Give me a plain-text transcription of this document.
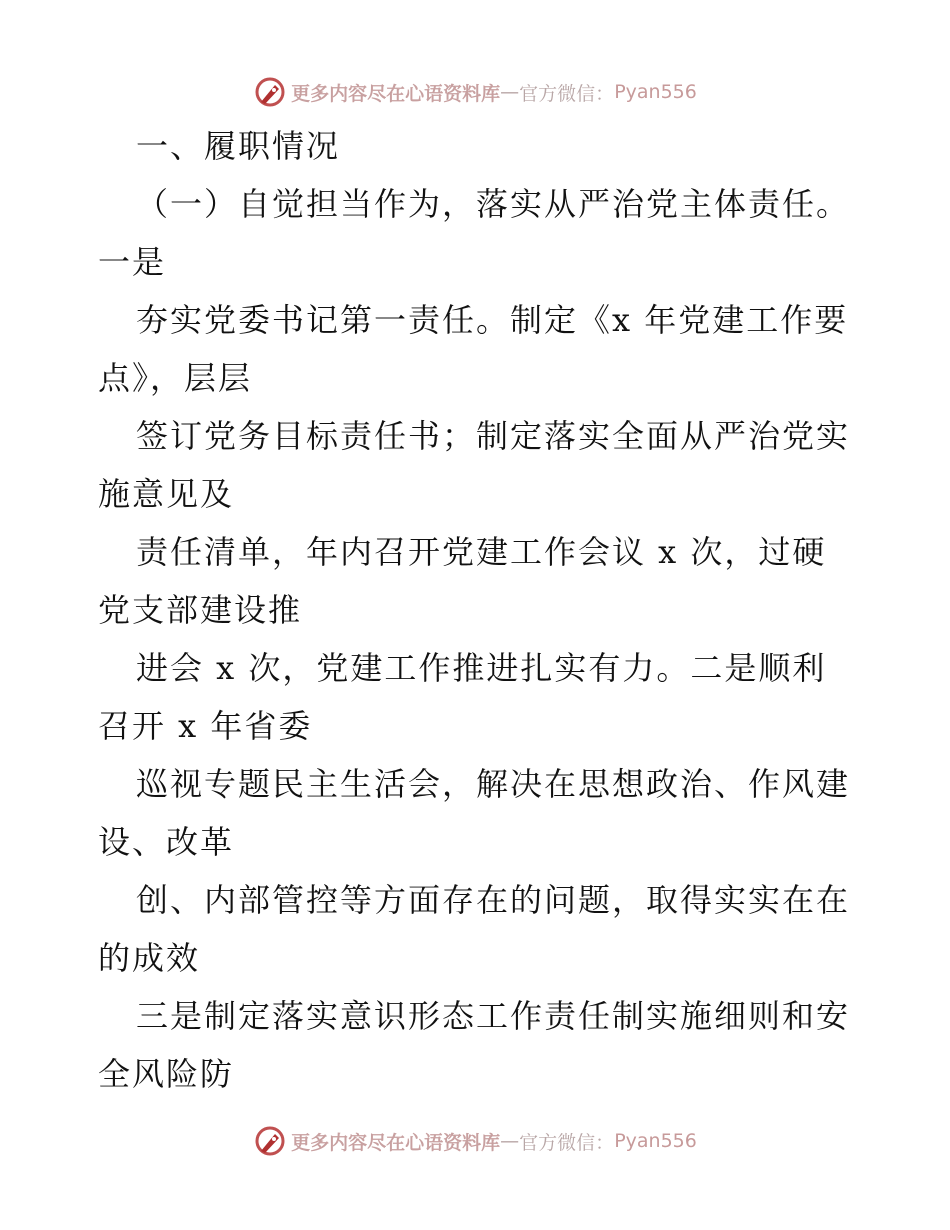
更多内容尽在心语资料库 — 官方微信： Pyan556
一、履职情况
（一）自觉担当作为，落实从严治党主体责任。
一是
夯实党委书记第一责任。制定《x 年党建工作要
点》，层层
签订党务目标责任书；制定落实全面从严治党实
施意见及
责任清单，年内召开党建工作会议 x 次，过硬
党支部建设推
进会 x 次，党建工作推进扎实有力。二是顺利
召开 x 年省委
巡视专题民主生活会，解决在思想政治、作风建
设、改革
创、内部管控等方面存在的问题，取得实实在在
的成效
三是制定落实意识形态工作责任制实施细则和安
全风险防
更多内容尽在心语资料库 — 官方微信： Pyan556
